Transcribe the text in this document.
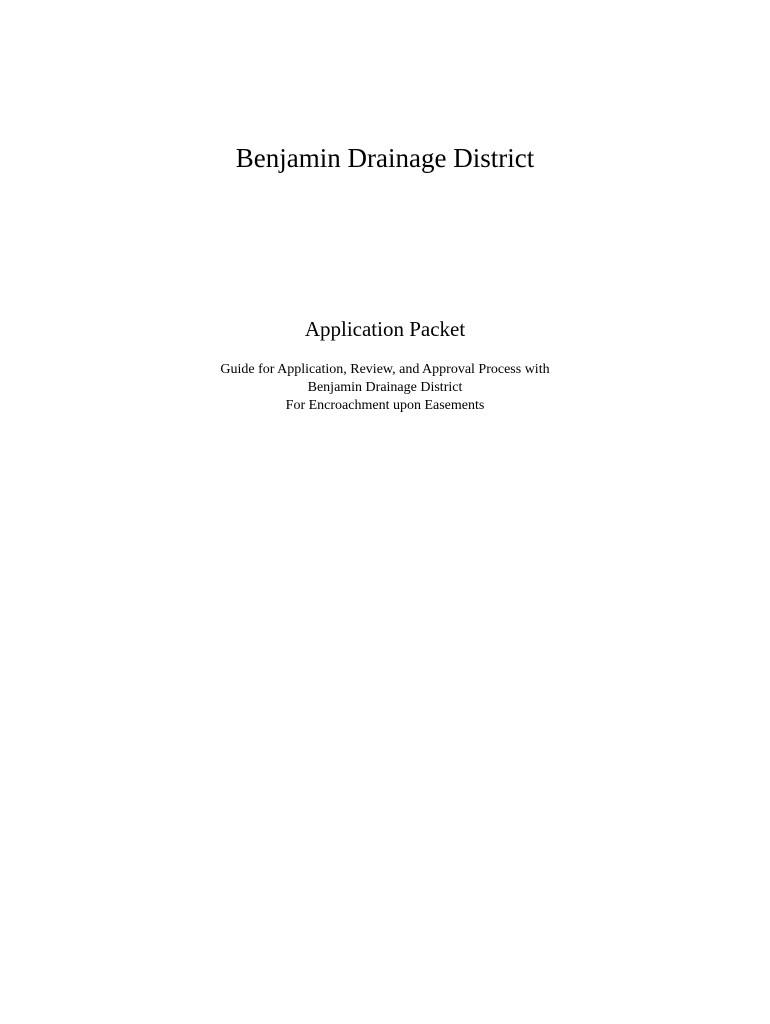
Benjamin Drainage District
Application Packet
Guide for Application, Review, and Approval Process with
Benjamin Drainage District
For Encroachment upon Easements
